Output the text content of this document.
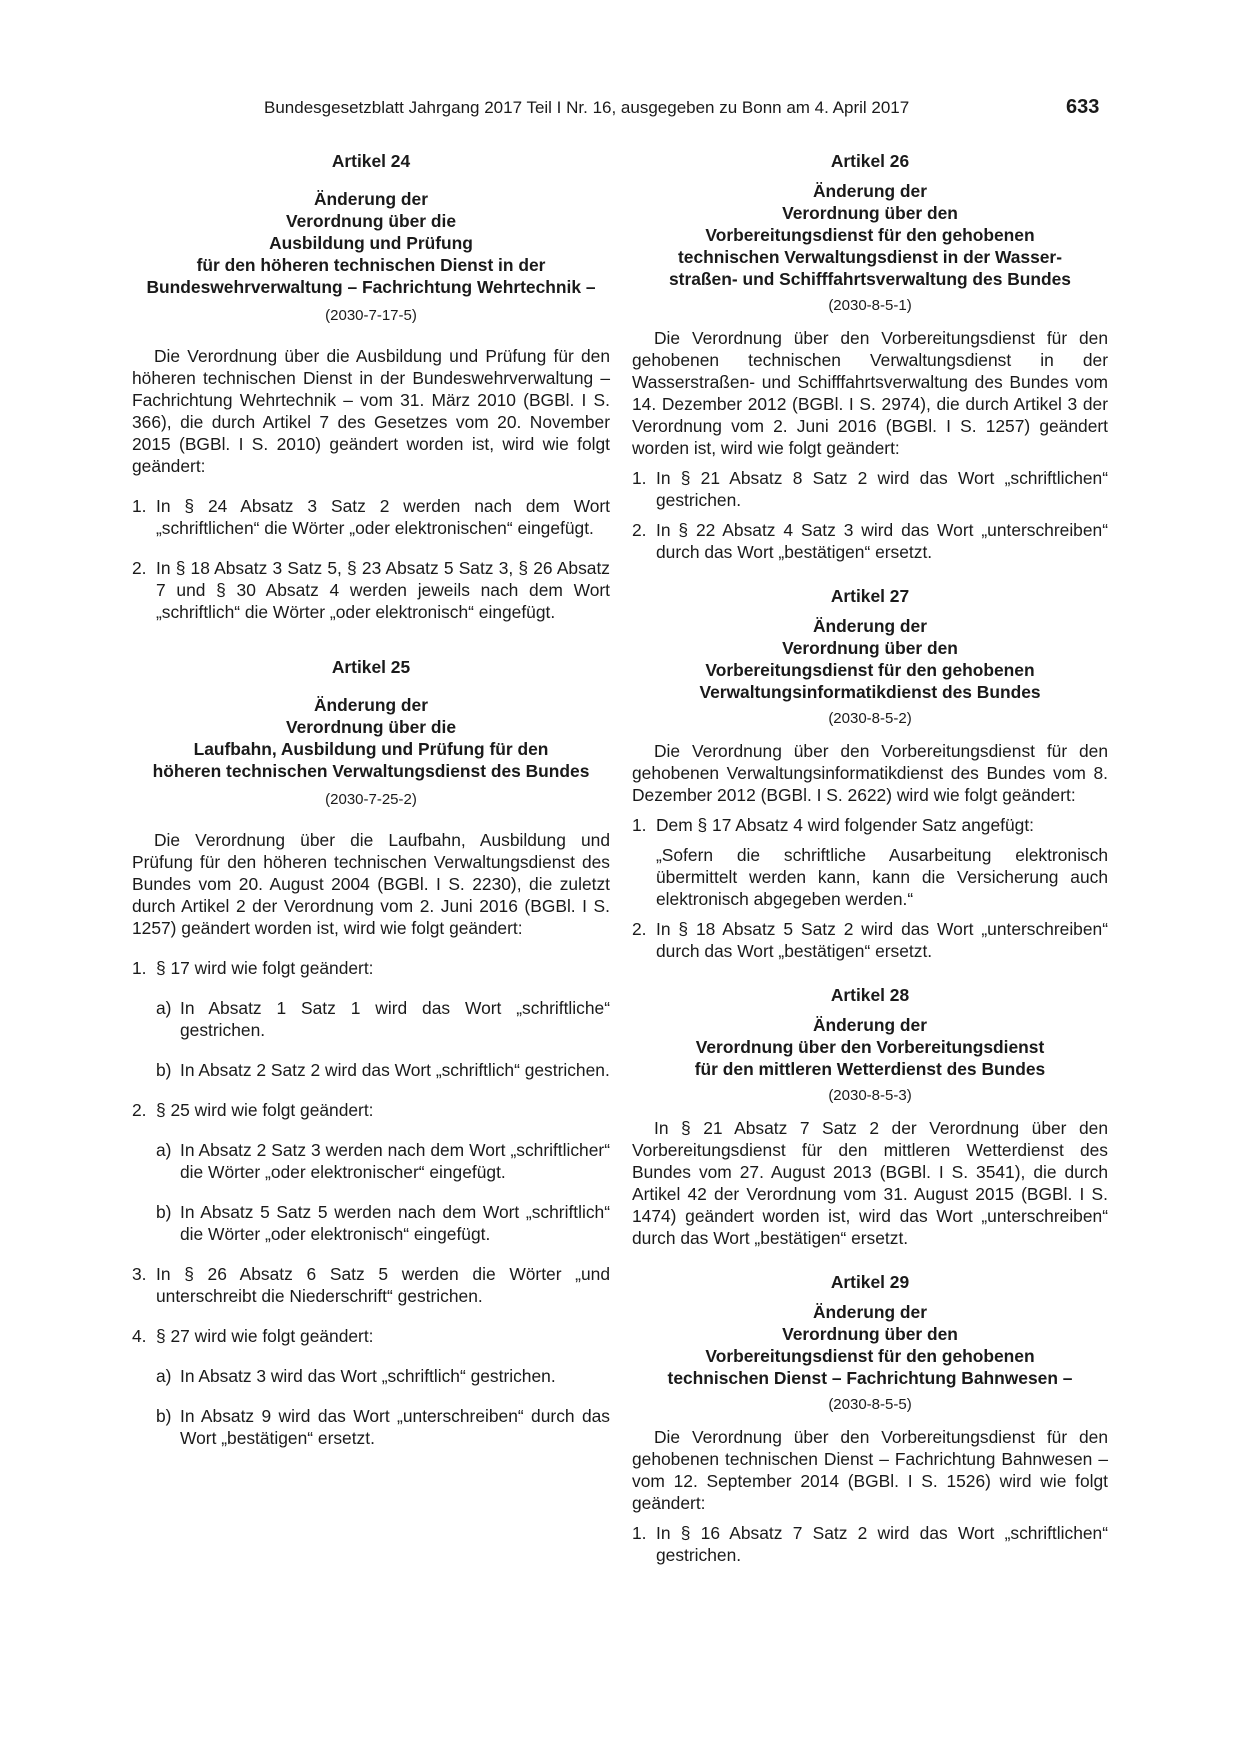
Bundesgesetzblatt Jahrgang 2017 Teil I Nr. 16, ausgegeben zu Bonn am 4. April 2017	633

Artikel 24

Änderung der
Verordnung über die
Ausbildung und Prüfung
für den höheren technischen Dienst in der
Bundeswehrverwaltung – Fachrichtung Wehrtechnik –

(2030-7-17-5)

Die Verordnung über die Ausbildung und Prüfung für den höheren technischen Dienst in der Bundeswehrverwaltung – Fachrichtung Wehrtechnik – vom 31. März 2010 (BGBl. I S. 366), die durch Artikel 7 des Gesetzes vom 20. November 2015 (BGBl. I S. 2010) geändert worden ist, wird wie folgt geändert:

1. In § 24 Absatz 3 Satz 2 werden nach dem Wort „schriftlichen“ die Wörter „oder elektronischen“ eingefügt.
2. In § 18 Absatz 3 Satz 5, § 23 Absatz 5 Satz 3, § 26 Absatz 7 und § 30 Absatz 4 werden jeweils nach dem Wort „schriftlich“ die Wörter „oder elektronisch“ eingefügt.

Artikel 25

Änderung der
Verordnung über die
Laufbahn, Ausbildung und Prüfung für den
höheren technischen Verwaltungsdienst des Bundes

(2030-7-25-2)

Die Verordnung über die Laufbahn, Ausbildung und Prüfung für den höheren technischen Verwaltungsdienst des Bundes vom 20. August 2004 (BGBl. I S. 2230), die zuletzt durch Artikel 2 der Verordnung vom 2. Juni 2016 (BGBl. I S. 1257) geändert worden ist, wird wie folgt geändert:

1. § 17 wird wie folgt geändert:
a) In Absatz 1 Satz 1 wird das Wort „schriftliche“ gestrichen.
b) In Absatz 2 Satz 2 wird das Wort „schriftlich“ gestrichen.
2. § 25 wird wie folgt geändert:
a) In Absatz 2 Satz 3 werden nach dem Wort „schriftlicher“ die Wörter „oder elektronischer“ eingefügt.
b) In Absatz 5 Satz 5 werden nach dem Wort „schriftlich“ die Wörter „oder elektronisch“ eingefügt.
3. In § 26 Absatz 6 Satz 5 werden die Wörter „und unterschreibt die Niederschrift“ gestrichen.
4. § 27 wird wie folgt geändert:
a) In Absatz 3 wird das Wort „schriftlich“ gestrichen.
b) In Absatz 9 wird das Wort „unterschreiben“ durch das Wort „bestätigen“ ersetzt.

Artikel 26

Änderung der
Verordnung über den
Vorbereitungsdienst für den gehobenen
technischen Verwaltungsdienst in der Wasser-
straßen- und Schifffahrtsverwaltung des Bundes

(2030-8-5-1)

Die Verordnung über den Vorbereitungsdienst für den gehobenen technischen Verwaltungsdienst in der Wasserstraßen- und Schifffahrtsverwaltung des Bundes vom 14. Dezember 2012 (BGBl. I S. 2974), die durch Artikel 3 der Verordnung vom 2. Juni 2016 (BGBl. I S. 1257) geändert worden ist, wird wie folgt geändert:

1. In § 21 Absatz 8 Satz 2 wird das Wort „schriftlichen“ gestrichen.
2. In § 22 Absatz 4 Satz 3 wird das Wort „unterschreiben“ durch das Wort „bestätigen“ ersetzt.

Artikel 27

Änderung der
Verordnung über den
Vorbereitungsdienst für den gehobenen
Verwaltungsinformatikdienst des Bundes

(2030-8-5-2)

Die Verordnung über den Vorbereitungsdienst für den gehobenen Verwaltungsinformatikdienst des Bundes vom 8. Dezember 2012 (BGBl. I S. 2622) wird wie folgt geändert:

1. Dem § 17 Absatz 4 wird folgender Satz angefügt:

„Sofern die schriftliche Ausarbeitung elektronisch übermittelt werden kann, kann die Versicherung auch elektronisch abgegeben werden.“

2. In § 18 Absatz 5 Satz 2 wird das Wort „unterschreiben“ durch das Wort „bestätigen“ ersetzt.

Artikel 28

Änderung der
Verordnung über den Vorbereitungsdienst
für den mittleren Wetterdienst des Bundes

(2030-8-5-3)

In § 21 Absatz 7 Satz 2 der Verordnung über den Vorbereitungsdienst für den mittleren Wetterdienst des Bundes vom 27. August 2013 (BGBl. I S. 3541), die durch Artikel 42 der Verordnung vom 31. August 2015 (BGBl. I S. 1474) geändert worden ist, wird das Wort „unterschreiben“ durch das Wort „bestätigen“ ersetzt.

Artikel 29

Änderung der
Verordnung über den
Vorbereitungsdienst für den gehobenen
technischen Dienst – Fachrichtung Bahnwesen –

(2030-8-5-5)

Die Verordnung über den Vorbereitungsdienst für den gehobenen technischen Dienst – Fachrichtung Bahnwesen – vom 12. September 2014 (BGBl. I S. 1526) wird wie folgt geändert:

1. In § 16 Absatz 7 Satz 2 wird das Wort „schriftlichen“ gestrichen.
